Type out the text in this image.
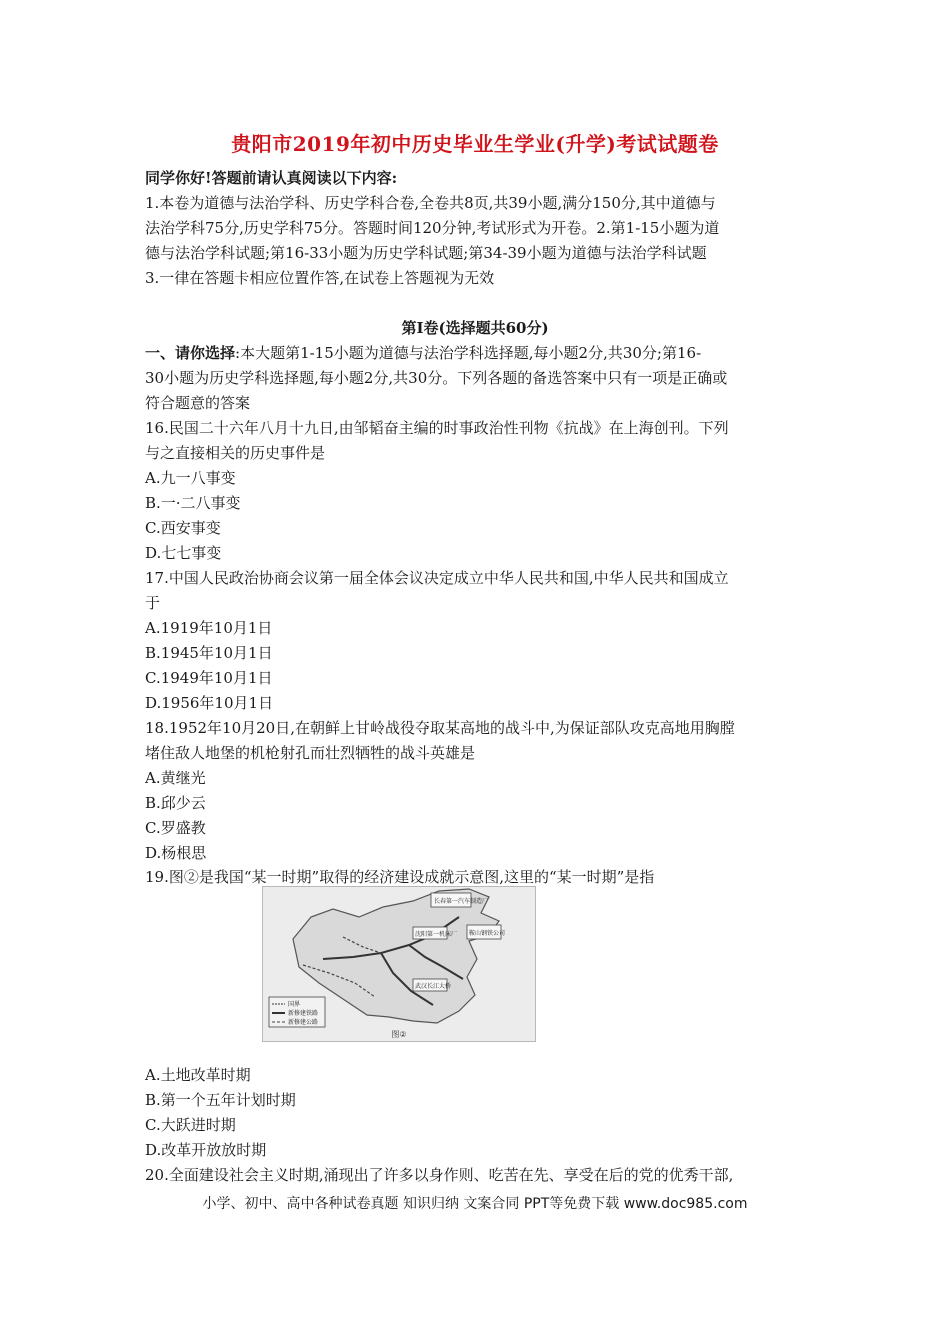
贵阳市2019年初中历史毕业生学业(升学)考试试题卷
同学你好!答题前请认真阅读以下内容:
1.本卷为道德与法治学科、历史学科合卷,全卷共8页,共39小题,满分150分,其中道德与
法治学科75分,历史学科75分。答题时间120分钟,考试形式为开卷。2.第1-15小题为道
德与法治学科试题;第16-33小题为历史学科试题;第34-39小题为道德与法治学科试题
3.一律在答题卡相应位置作答,在试卷上答题视为无效
第Ⅰ卷(选择题共60分)
一、请你选择:本大题第1-15小题为道德与法治学科选择题,每小题2分,共30分;第16-
30小题为历史学科选择题,每小题2分,共30分。下列各题的备选答案中只有一项是正确或
符合题意的答案
16.民国二十六年八月十九日,由邹韬奋主编的时事政治性刊物《抗战》在上海创刊。下列
与之直接相关的历史事件是
A.九一八事变
B.一·二八事变
C.西安事变
D.七七事变
17.中国人民政治协商会议第一届全体会议决定成立中华人民共和国,中华人民共和国成立
于
A.1919年10月1日
B.1945年10月1日
C.1949年10月1日
D.1956年10月1日
18.1952年10月20日,在朝鲜上甘岭战役夺取某高地的战斗中,为保证部队攻克高地用胸膛
堵住敌人地堡的机枪射孔而壮烈牺牲的战斗英雄是
A.黄继光
B.邱少云
C.罗盛教
D.杨根思
19.图②是我国“某一时期”取得的经济建设成就示意图,这里的“某一时期”是指
长春第一汽车制造厂
沈阳第一机床厂 鞍山钢铁公司
武汉长江大桥
国界
新修建铁路
新修建公路
图②
A.土地改革时期
B.第一个五年计划时期
C.大跃进时期
D.改革开放放时期
20.全面建设社会主义时期,涌现出了许多以身作则、吃苦在先、享受在后的党的优秀干部,
小学、初中、高中各种试卷真题 知识归纳 文案合同 PPT等免费下载 www.doc985.com
